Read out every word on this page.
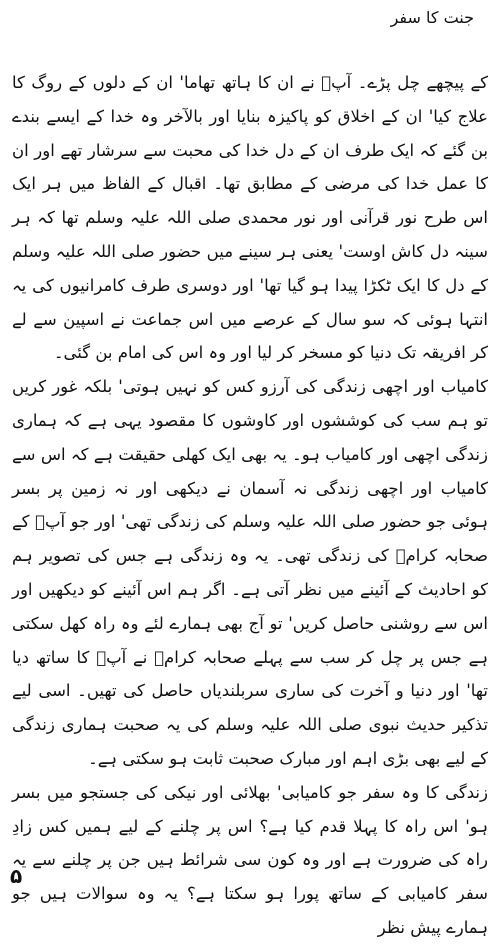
جنت کا سفر

کے پیچھے چل پڑے۔ آپؐ نے ان کا ہاتھ تھاما' ان کے دلوں کے روگ کا علاج کیا' ان کے اخلاق کو پاکیزہ بنایا اور بالآخر وہ خدا کے ایسے بندے بن گئے کہ ایک طرف ان کے دل خدا کی محبت سے سرشار تھے اور ان کا عمل خدا کی مرضی کے مطابق تھا۔ اقبال کے الفاظ میں ہر ایک اس طرح نور قرآنی اور نور محمدی صلی اللہ علیہ وسلم تھا کہ ہر سینہ دل کاش اوست' یعنی ہر سینے میں حضور صلی اللہ علیہ وسلم کے دل کا ایک ٹکڑا پیدا ہو گیا تھا' اور دوسری طرف کامرانیوں کی یہ انتہا ہوئی کہ سو سال کے عرصے میں اس جماعت نے اسپین سے لے کر افریقہ تک دنیا کو مسخر کر لیا اور وہ اس کی امام بن گئی۔

کامیاب اور اچھی زندگی کی آرزو کس کو نہیں ہوتی' بلکہ غور کریں تو ہم سب کی کوششوں اور کاوشوں کا مقصود یہی ہے کہ ہماری زندگی اچھی اور کامیاب ہو۔ یہ بھی ایک کھلی حقیقت ہے کہ اس سے کامیاب اور اچھی زندگی نہ آسمان نے دیکھی اور نہ زمین پر بسر ہوئی جو حضور صلی اللہ علیہ وسلم کی زندگی تھی' اور جو آپؐ کے صحابہ کرامؓ کی زندگی تھی۔ یہ وہ زندگی ہے جس کی تصویر ہم کو احادیث کے آئینے میں نظر آتی ہے۔ اگر ہم اس آئینے کو دیکھیں اور اس سے روشنی حاصل کریں' تو آج بھی ہمارے لئے وہ راہ کھل سکتی ہے جس پر چل کر سب سے پہلے صحابہ کرامؓ نے آپؐ کا ساتھ دیا تھا' اور دنیا و آخرت کی ساری سربلندیاں حاصل کی تھیں۔ اسی لیے تذکیر حدیث نبوی صلی اللہ علیہ وسلم کی یہ صحبت ہماری زندگی کے لیے بھی بڑی اہم اور مبارک صحبت ثابت ہو سکتی ہے۔

زندگی کا وہ سفر جو کامیابی' بھلائی اور نیکی کی جستجو میں بسر ہو' اس راہ کا پہلا قدم کیا ہے؟ اس پر چلنے کے لیے ہمیں کس زادِ راہ کی ضرورت ہے اور وہ کون سی شرائط ہیں جن پر چلنے سے یہ سفر کامیابی کے ساتھ پورا ہو سکتا ہے؟ یہ وہ سوالات ہیں جو ہمارے پیش نظر

۵
